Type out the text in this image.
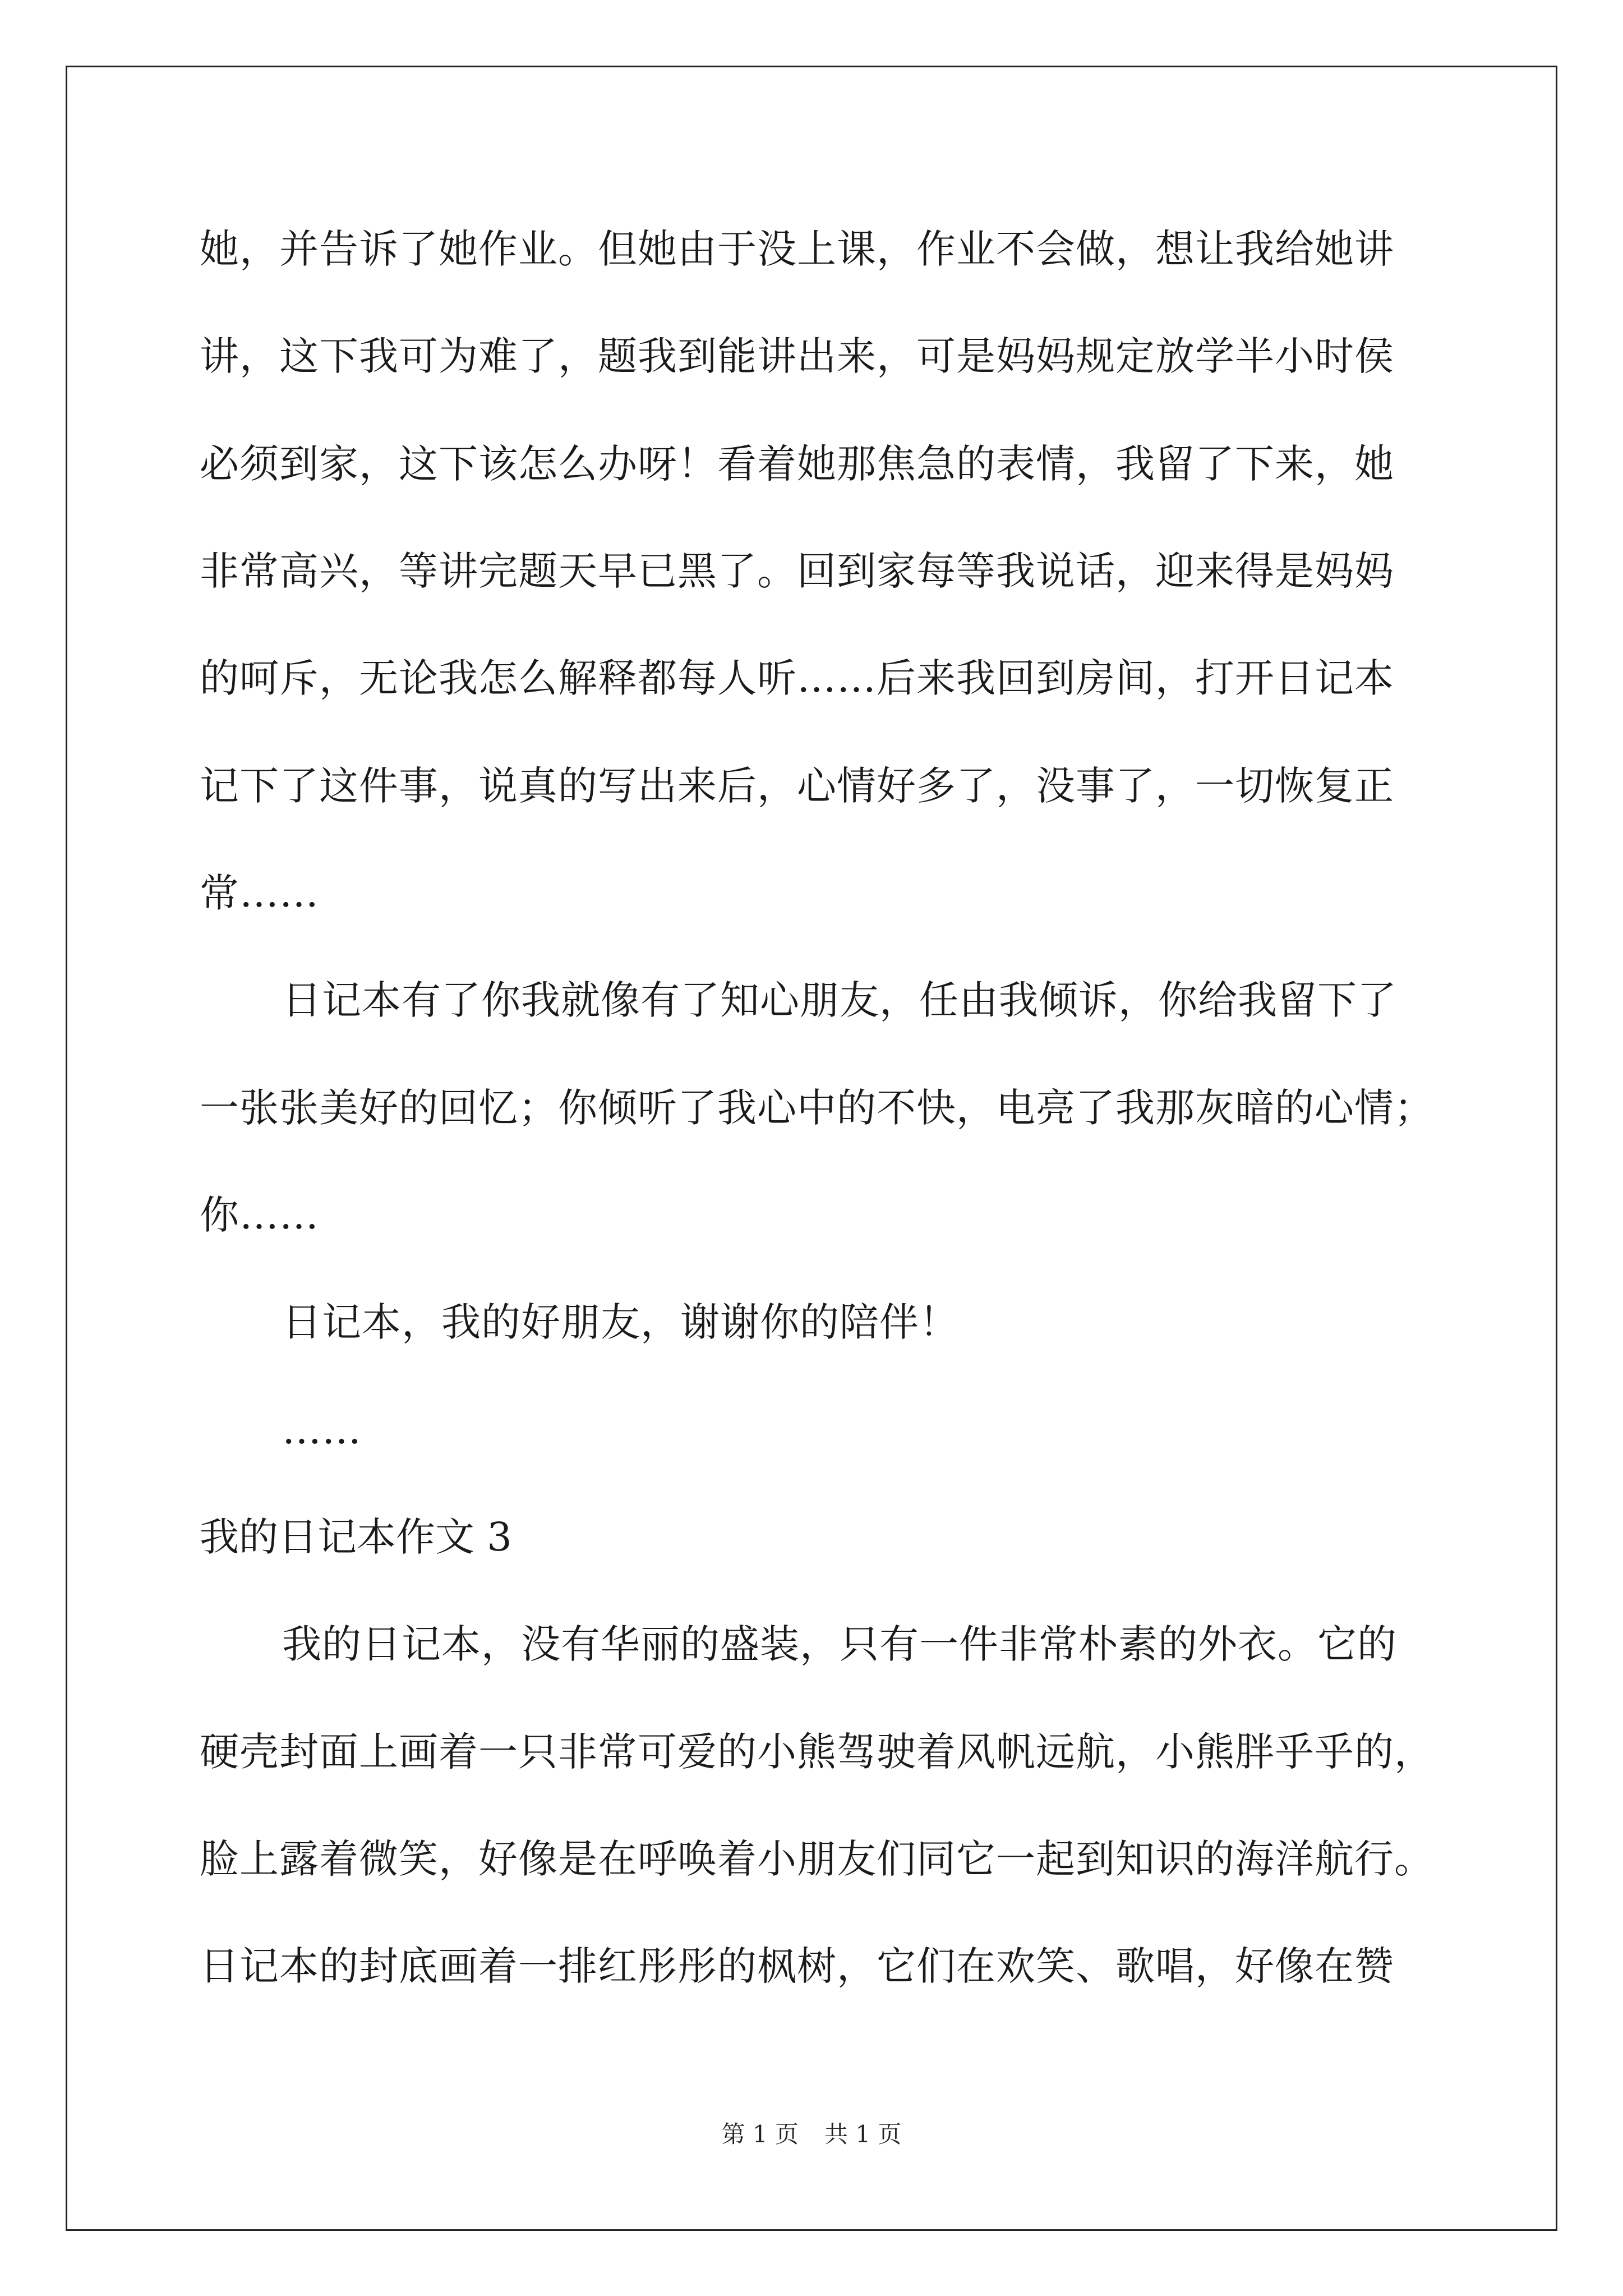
她，并告诉了她作业。但她由于没上课，作业不会做，想让我给她讲
讲，这下我可为难了，题我到能讲出来，可是妈妈规定放学半小时侯
必须到家，这下该怎么办呀！看着她那焦急的表情，我留了下来，她
非常高兴，等讲完题天早已黑了。回到家每等我说话，迎来得是妈妈
的呵斥，无论我怎么解释都每人听……后来我回到房间，打开日记本
记下了这件事，说真的写出来后，心情好多了，没事了，一切恢复正
常……
日记本有了你我就像有了知心朋友，任由我倾诉，你给我留下了
一张张美好的回忆；你倾听了我心中的不快，电亮了我那灰暗的心情；
你……
日记本，我的好朋友，谢谢你的陪伴！
……
我的日记本作文 3
我的日记本，没有华丽的盛装，只有一件非常朴素的外衣。它的
硬壳封面上画着一只非常可爱的小熊驾驶着风帆远航，小熊胖乎乎的，
脸上露着微笑，好像是在呼唤着小朋友们同它一起到知识的海洋航行。
日记本的封底画着一排红彤彤的枫树，它们在欢笑、歌唱，好像在赞
第 1 页 共 1 页
